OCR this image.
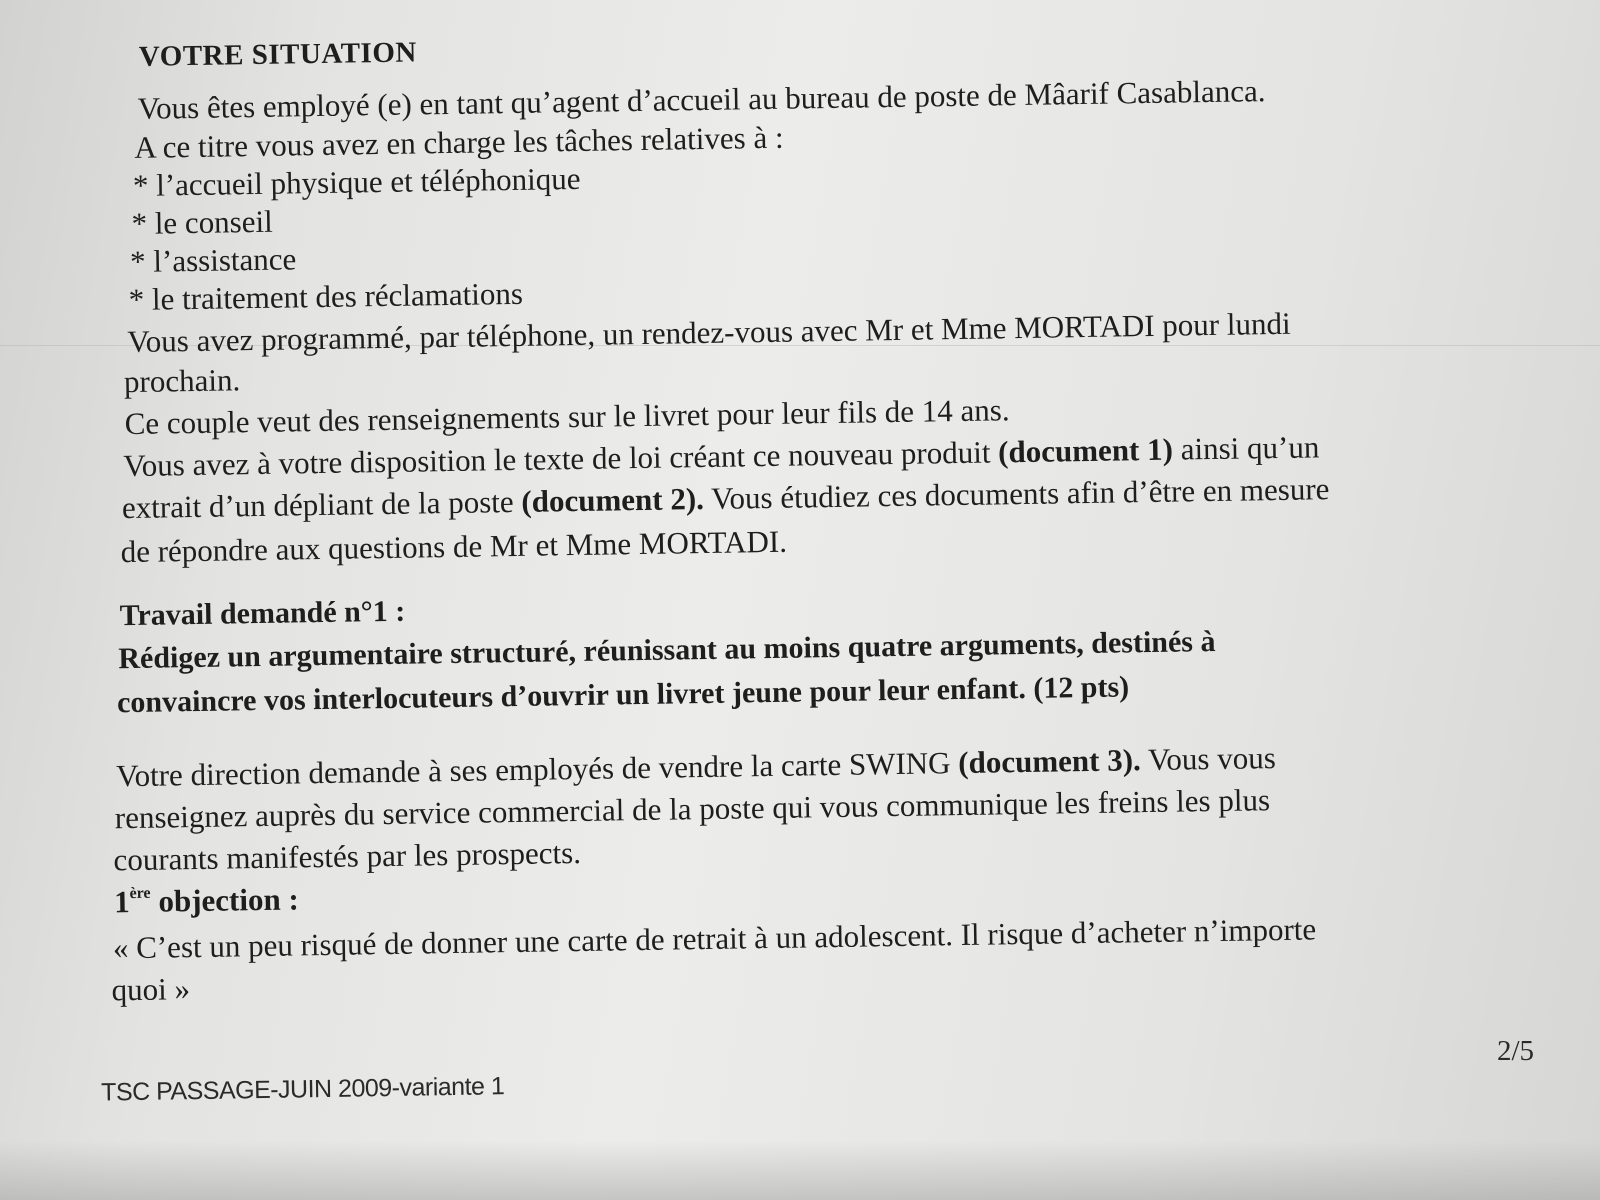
VOTRE SITUATION
Vous êtes employé (e) en tant qu’agent d’accueil au bureau de poste de Mâarif Casablanca.
A ce titre vous avez en charge les tâches relatives à :
* l’accueil physique et téléphonique
* le conseil
* l’assistance
* le traitement des réclamations
Vous avez programmé, par téléphone, un rendez-vous avec Mr et Mme MORTADI pour lundi
prochain.
Ce couple veut des renseignements sur le livret pour leur fils de 14 ans.
Vous avez à votre disposition le texte de loi créant ce nouveau produit (document 1) ainsi qu’un
extrait d’un dépliant de la poste (document 2). Vous étudiez ces documents afin d’être en mesure
de répondre aux questions de Mr et Mme MORTADI.
Travail demandé n°1 :
Rédigez un argumentaire structuré, réunissant au moins quatre arguments, destinés à
convaincre vos interlocuteurs d’ouvrir un livret jeune pour leur enfant. (12 pts)
Votre direction demande à ses employés de vendre la carte SWING (document 3). Vous vous
renseignez auprès du service commercial de la poste qui vous communique les freins les plus
courants manifestés par les prospects.
1ère objection :
« C’est un peu risqué de donner une carte de retrait à un adolescent. Il risque d’acheter n’importe
quoi »
TSC PASSAGE-JUIN 2009-variante 1
2/5
